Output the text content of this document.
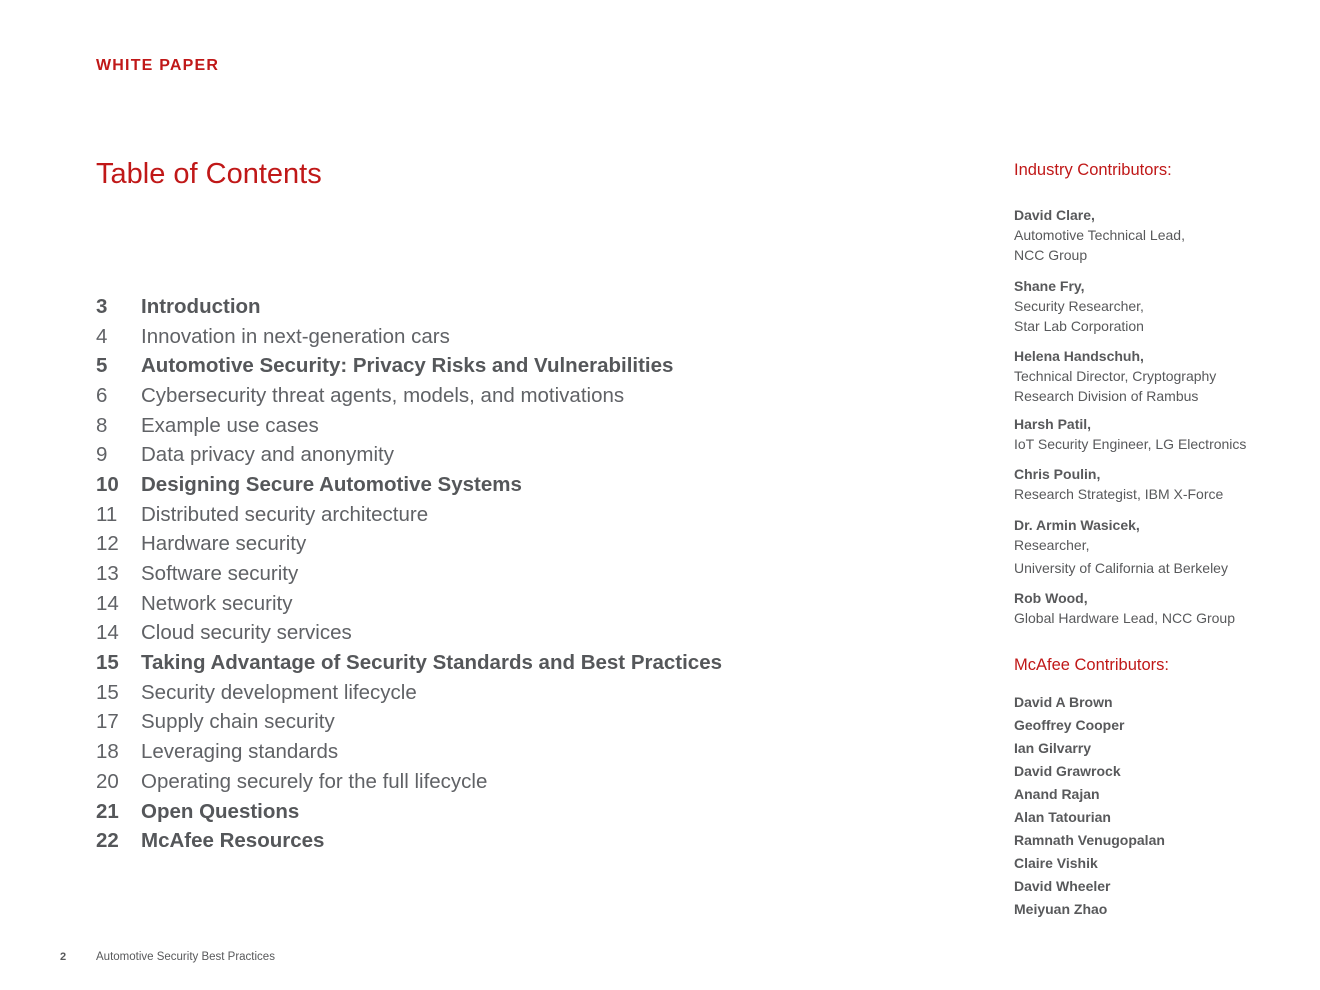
WHITE PAPER
Table of Contents
3	Introduction
4	Innovation in next-generation cars
5	Automotive Security: Privacy Risks and Vulnerabilities
6	Cybersecurity threat agents, models, and motivations
8	Example use cases
9	Data privacy and anonymity
10	Designing Secure Automotive Systems
11	Distributed security architecture
12	Hardware security
13	Software security
14	Network security
14	Cloud security services
15	Taking Advantage of Security Standards and Best Practices
15	Security development lifecycle
17	Supply chain security
18	Leveraging standards
20	Operating securely for the full lifecycle
21	Open Questions
22	McAfee Resources
Industry Contributors:
David Clare,
Automotive Technical Lead,
NCC Group
Shane Fry,
Security Researcher,
Star Lab Corporation
Helena Handschuh,
Technical Director, Cryptography
Research Division of Rambus
Harsh Patil,
IoT Security Engineer, LG Electronics
Chris Poulin,
Research Strategist, IBM X-Force
Dr. Armin Wasicek,
Researcher,
University of California at Berkeley
Rob Wood,
Global Hardware Lead, NCC Group
McAfee Contributors:
David A Brown
Geoffrey Cooper
Ian Gilvarry
David Grawrock
Anand Rajan
Alan Tatourian
Ramnath Venugopalan
Claire Vishik
David Wheeler
Meiyuan Zhao
2	Automotive Security Best Practices
